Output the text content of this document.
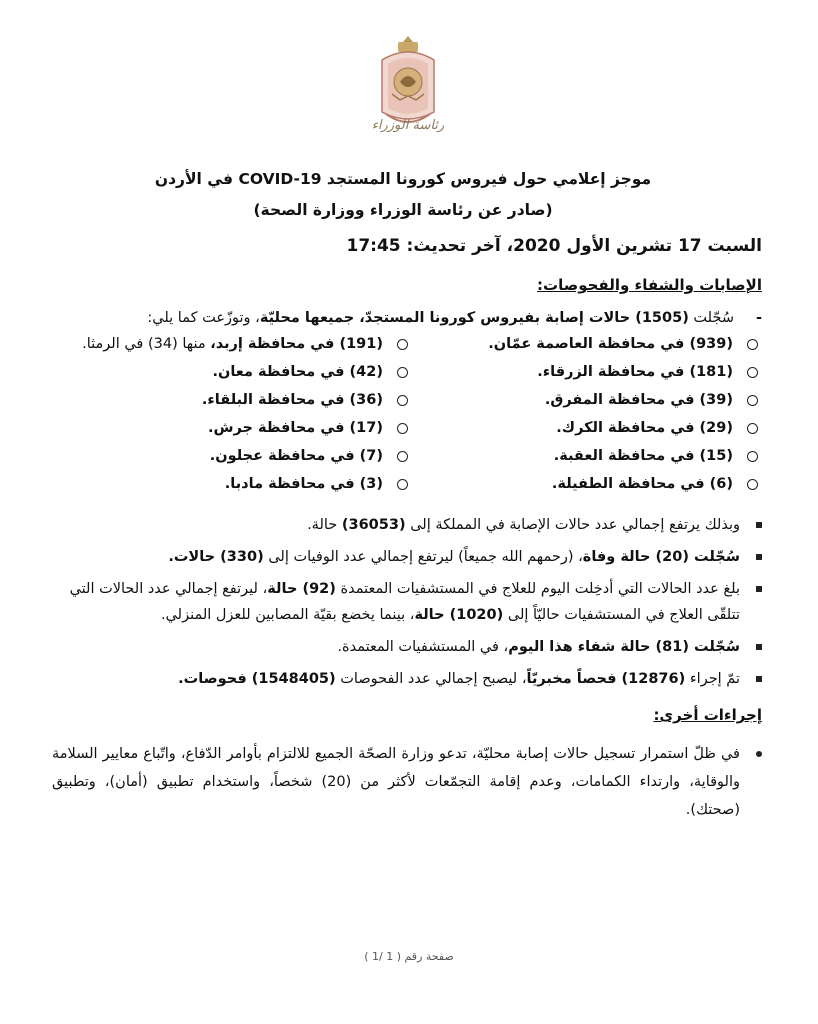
رئاسة الوزراء
موجز إعلامي حول فيروس كورونا المستجد COVID-19 في الأردن
(صادر عن رئاسة الوزراء ووزارة الصحة)
السبت 17 تشرين الأول 2020، آخر تحديث: 17:45
الإصابات والشفاء والفحوصات:
-سُجّلت (1505) حالات إصابة بفيروس كورونا المستجدّ، جميعها محليّة، وتوزّعت كما يلي:
(939) في محافظة العاصمة عمّان.
(191) في محافظة إربد، منها (34) في الرمثا.
(181) في محافظة الزرقاء.
(42) في محافظة معان.
(39) في محافظة المفرق.
(36) في محافظة البلقاء.
(29) في محافظة الكرك.
(17) في محافظة جرش.
(15) في محافظة العقبة.
(7) في محافظة عجلون.
(6) في محافظة الطفيلة.
(3) في محافظة مادبا.
وبذلك يرتفع إجمالي عدد حالات الإصابة في المملكة إلى (36053) حالة.
سُجّلت (20) حالة وفاة، (رحمهم الله جميعاً) ليرتفع إجمالي عدد الوفيات إلى (330) حالات.
بلغ عدد الحالات التي أدخِلت اليوم للعلاج في المستشفيات المعتمدة (92) حالة، ليرتفع إجمالي عدد الحالات التي تتلقّى العلاج في المستشفيات حاليّاً إلى (1020) حالة، بينما يخضع بقيّة المصابين للعزل المنزلي.
سُجّلت (81) حالة شفاء هذا اليوم، في المستشفيات المعتمدة.
تمّ إجراء (12876) فحصاً مخبريّاً، ليصبح إجمالي عدد الفحوصات (1548405) فحوصات.
إجراءات أخرى:
في ظلّ استمرار تسجيل حالات إصابة محليّة، تدعو وزارة الصحّة الجميع للالتزام بأوامر الدّفاع، واتّباع معايير السلامة والوقاية، وارتداء الكمامات، وعدم إقامة التجمّعات لأكثر من (20) شخصاً، واستخدام تطبيق (أمان)، وتطبيق (صحتك).
صفحة رقم ( 1 /1 )
